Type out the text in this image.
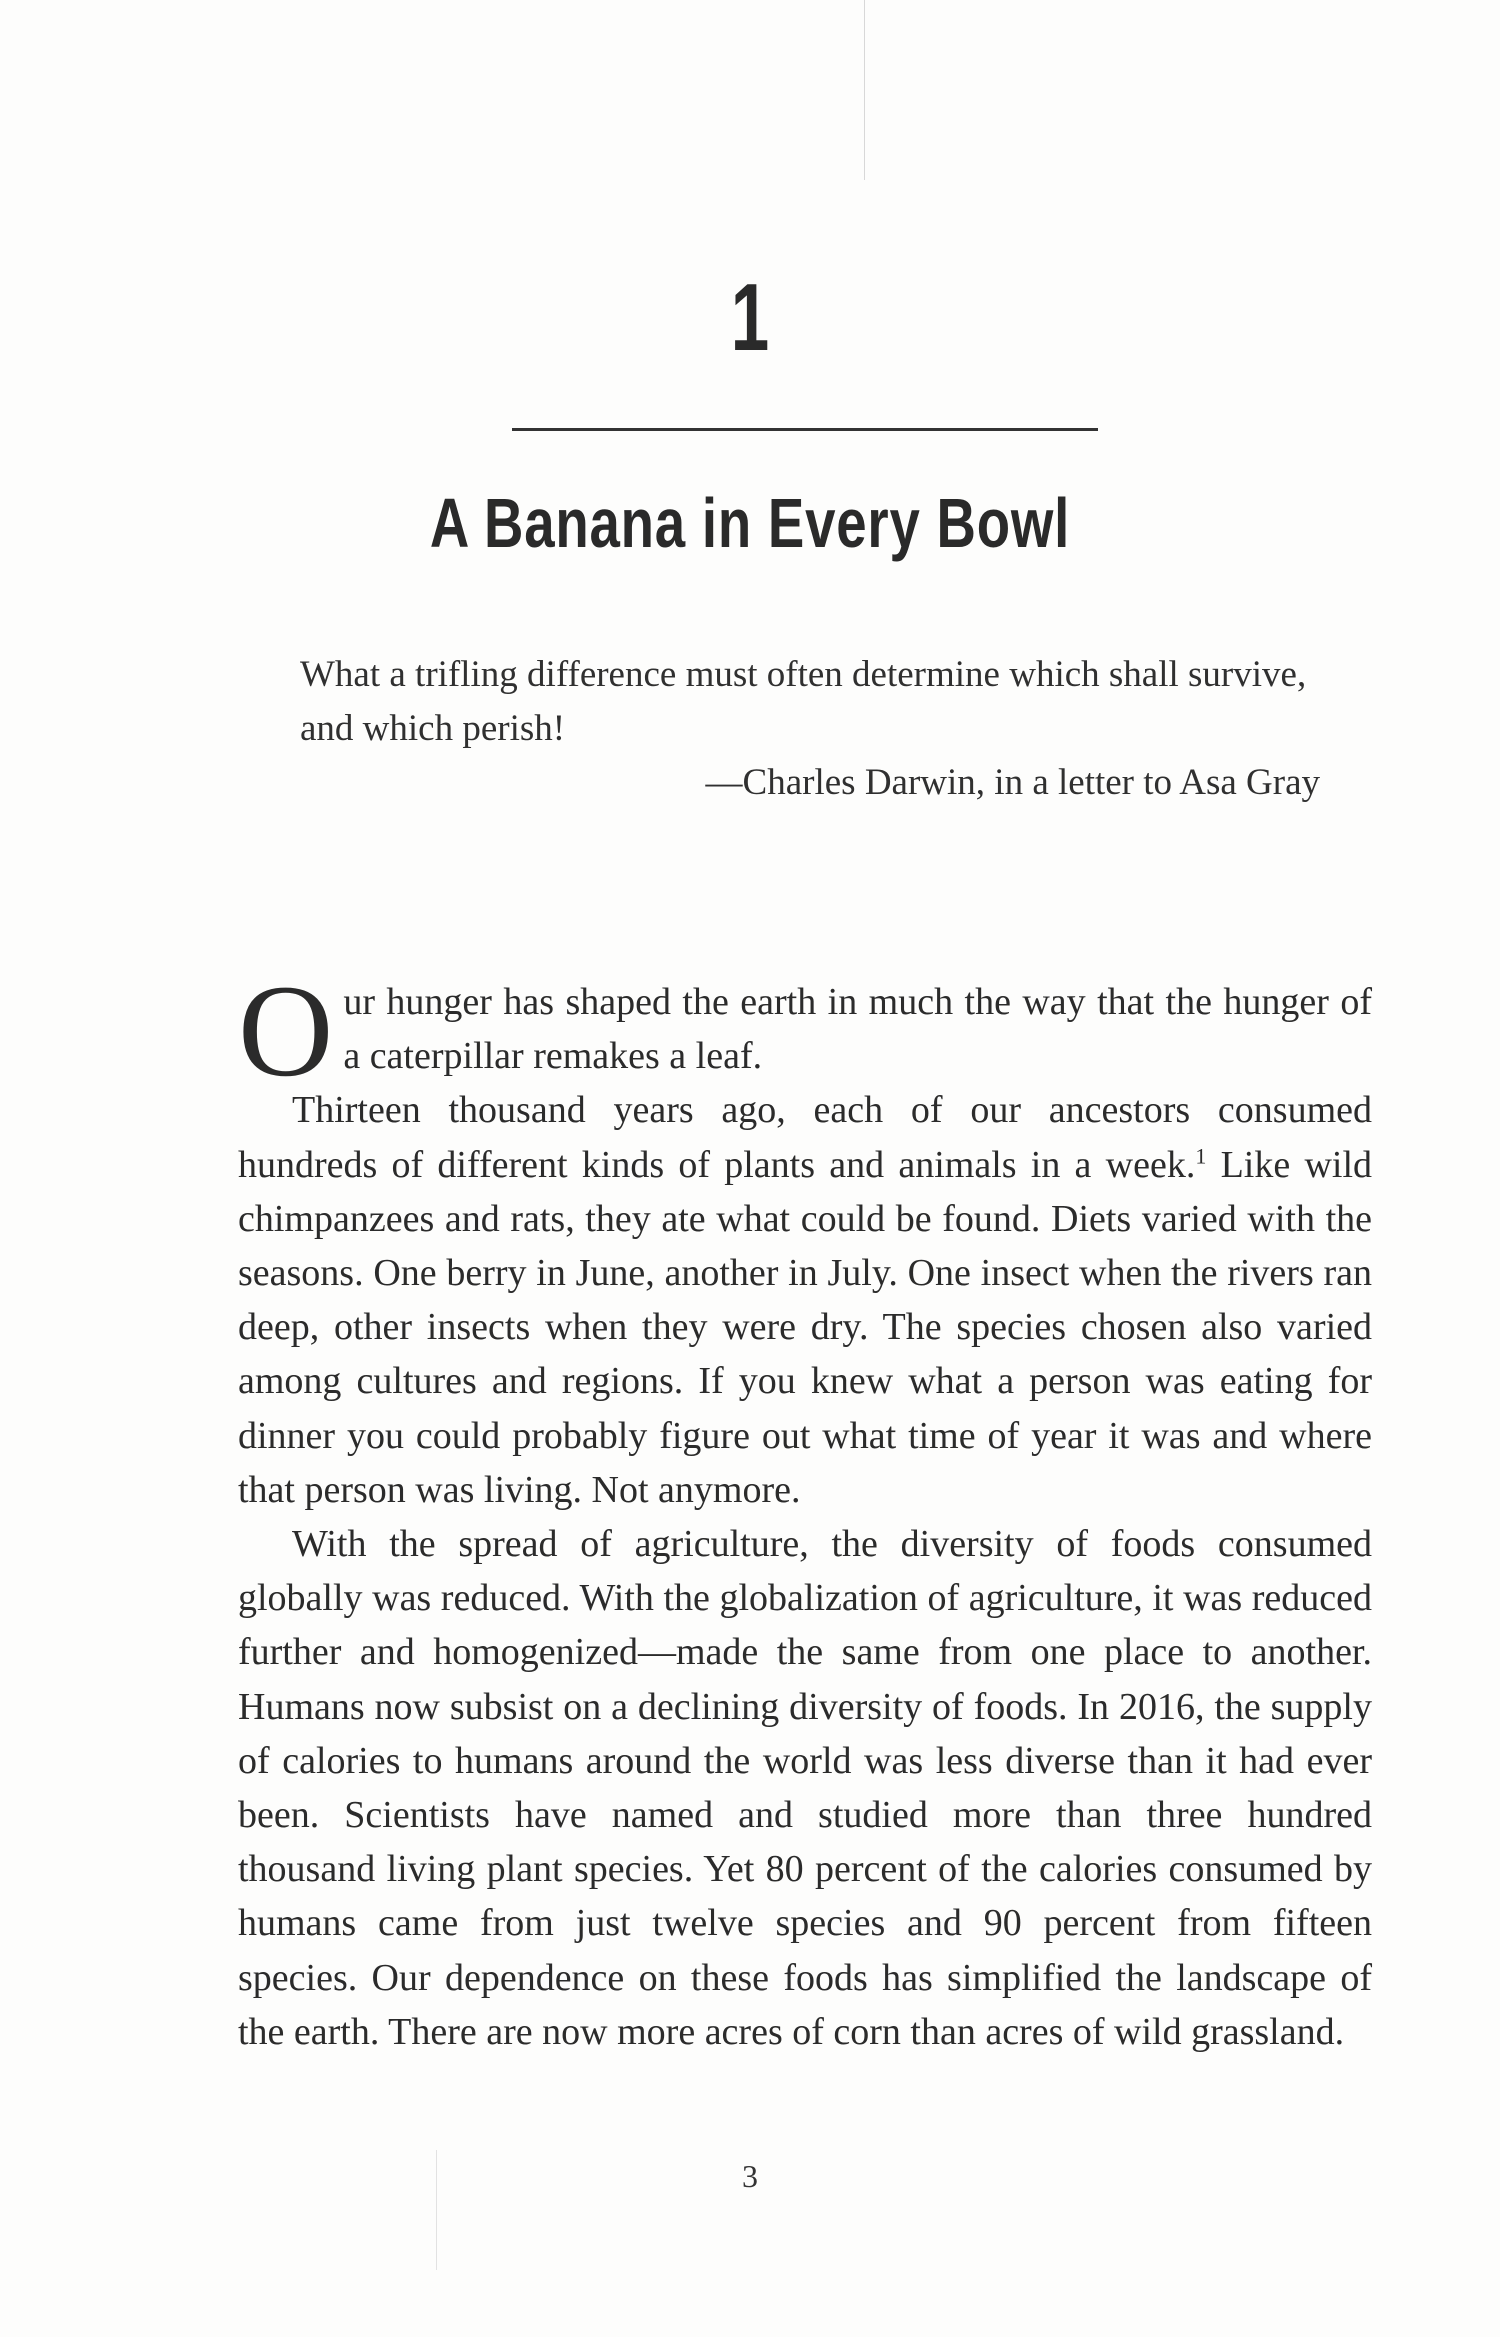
1
A Banana in Every Bowl
What a trifling difference must often determine which shall survive, and which perish!
—Charles Darwin, in a letter to Asa Gray

Our hunger has shaped the earth in much the way that the hunger of a caterpillar remakes a leaf.

Thirteen thousand years ago, each of our ancestors consumed hundreds of different kinds of plants and animals in a week.$^1$ Like wild chimpanzees and rats, they ate what could be found. Diets varied with the seasons. One berry in June, another in July. One insect when the rivers ran deep, other insects when they were dry. The species chosen also varied among cultures and regions. If you knew what a person was eating for dinner you could probably figure out what time of year it was and where that person was living. Not anymore.

With the spread of agriculture, the diversity of foods consumed globally was reduced. With the globalization of agriculture, it was reduced further and homogenized—made the same from one place to another. Humans now subsist on a declining diversity of foods. In 2016, the supply of calories to humans around the world was less diverse than it had ever been. Scientists have named and studied more than three hundred thousand living plant species. Yet 80 percent of the calories consumed by humans came from just twelve species and 90 percent from fifteen species. Our dependence on these foods has simplified the landscape of the earth. There are now more acres of corn than acres of wild grassland.

3
